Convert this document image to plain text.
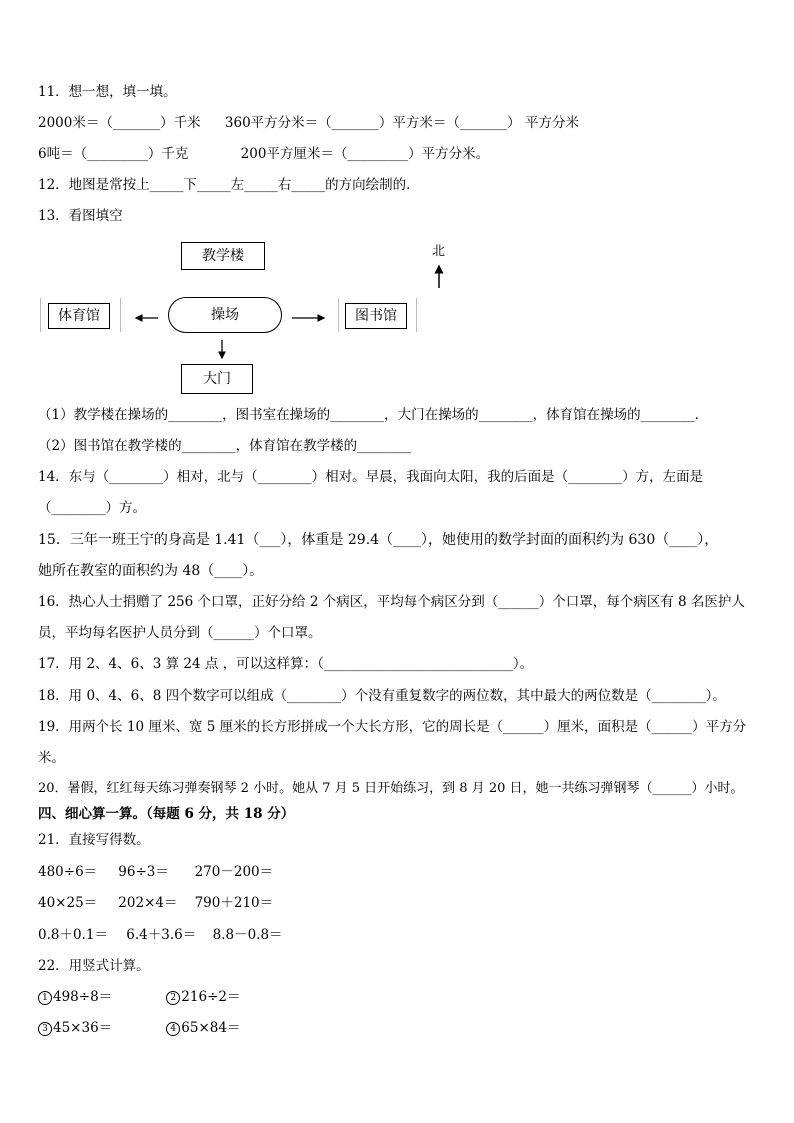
11．想一想，填一填。
2000米＝（_______）千米 360平方分米＝（_______）平方米＝（_______） 平方分米
6吨＝（_________）千克	200平方厘米＝（_________）平方分米。
12．地图是常按上_____下_____左_____右_____的方向绘制的．
13．看图填空
教学楼
操场
体育馆	图书馆
大门
北
（1）教学楼在操场的________，图书室在操场的________，大门在操场的________，体育馆在操场的________．
（2）图书馆在教学楼的________，体育馆在教学楼的________
14．东与（________）相对，北与（________）相对。早晨，我面向太阳，我的后面是（________）方，左面是
（________）方。
15．三年一班王宁的身高是 1.41（___），体重是 29.4（____），她使用的数学封面的面积约为 630（____），
她所在教室的面积约为 48（____）。
16．热心人士捐赠了 256 个口罩，正好分给 2 个病区，平均每个病区分到（______）个口罩，每个病区有 8 名医护人
员，平均每名医护人员分到（______）个口罩。
17．用 2、4、6、3 算 24 点 ，可以这样算：（____________________________）。
18．用 0、4、6、8 四个数字可以组成（________）个没有重复数字的两位数，其中最大的两位数是（________）。
19．用两个长 10 厘米、宽 5 厘米的长方形拼成一个大长方形，它的周长是（______）厘米，面积是（______）平方分
米。
20．暑假，红红每天练习弹奏钢琴 2 小时。她从 7 月 5 日开始练习，到 8 月 20 日，她一共练习弹钢琴（______）小时。
四、细心算一算。（每题 6 分，共 18 分）
21．直接写得数。
480÷6＝ 96÷3＝ 270－200＝
40×25＝ 202×4＝ 790＋210＝
0.8＋0.1＝ 6.4＋3.6＝ 8.8－0.8＝
22．用竖式计算。
1 498÷8＝	2 216÷2＝
3 45×36＝	4 65×84＝
